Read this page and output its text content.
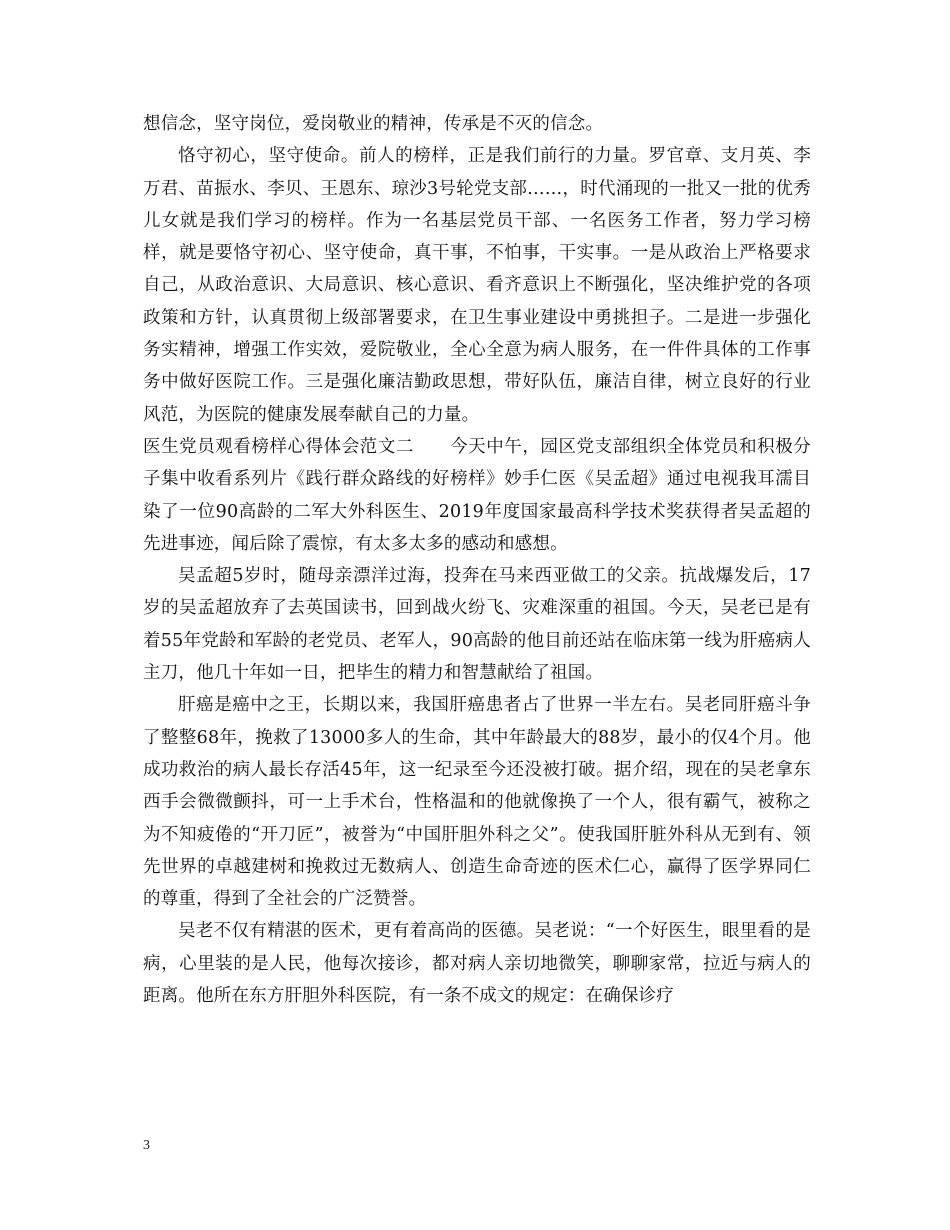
想信念，坚守岗位，爱岗敬业的精神，传承是不灭的信念。

恪守初心，坚守使命。前人的榜样，正是我们前行的力量。罗官章、支月英、李万君、苗振水、李贝、王恩东、琼沙3号轮党支部……，时代涌现的一批又一批的优秀儿女就是我们学习的榜样。作为一名基层党员干部、一名医务工作者，努力学习榜样，就是要恪守初心、坚守使命，真干事，不怕事，干实事。一是从政治上严格要求自己，从政治意识、大局意识、核心意识、看齐意识上不断强化，坚决维护党的各项政策和方针，认真贯彻上级部署要求，在卫生事业建设中勇挑担子。二是进一步强化务实精神，增强工作实效，爱院敬业，全心全意为病人服务，在一件件具体的工作事务中做好医院工作。三是强化廉洁勤政思想，带好队伍，廉洁自律，树立良好的行业风范，为医院的健康发展奉献自己的力量。

医生党员观看榜样心得体会范文二　　今天中午，园区党支部组织全体党员和积极分子集中收看系列片《践行群众路线的好榜样》妙手仁医《吴孟超》通过电视我耳濡目染了一位90高龄的二军大外科医生、2019年度国家最高科学技术奖获得者吴孟超的先进事迹，闻后除了震惊，有太多太多的感动和感想。

吴孟超5岁时，随母亲漂洋过海，投奔在马来西亚做工的父亲。抗战爆发后，17岁的吴孟超放弃了去英国读书，回到战火纷飞、灾难深重的祖国。今天，吴老已是有着55年党龄和军龄的老党员、老军人，90高龄的他目前还站在临床第一线为肝癌病人主刀，他几十年如一日，把毕生的精力和智慧献给了祖国。

肝癌是癌中之王，长期以来，我国肝癌患者占了世界一半左右。吴老同肝癌斗争了整整68年，挽救了13000多人的生命，其中年龄最大的88岁，最小的仅4个月。他成功救治的病人最长存活45年，这一纪录至今还没被打破。据介绍，现在的吴老拿东西手会微微颤抖，可一上手术台，性格温和的他就像换了一个人，很有霸气，被称之为不知疲倦的“开刀匠”，被誉为“中国肝胆外科之父”。使我国肝脏外科从无到有、领先世界的卓越建树和挽救过无数病人、创造生命奇迹的医术仁心，赢得了医学界同仁的尊重，得到了全社会的广泛赞誉。

吴老不仅有精湛的医术，更有着高尚的医德。吴老说：“一个好医生，眼里看的是病，心里装的是人民，他每次接诊，都对病人亲切地微笑，聊聊家常，拉近与病人的距离。他所在东方肝胆外科医院，有一条不成文的规定：在确保诊疗

3
